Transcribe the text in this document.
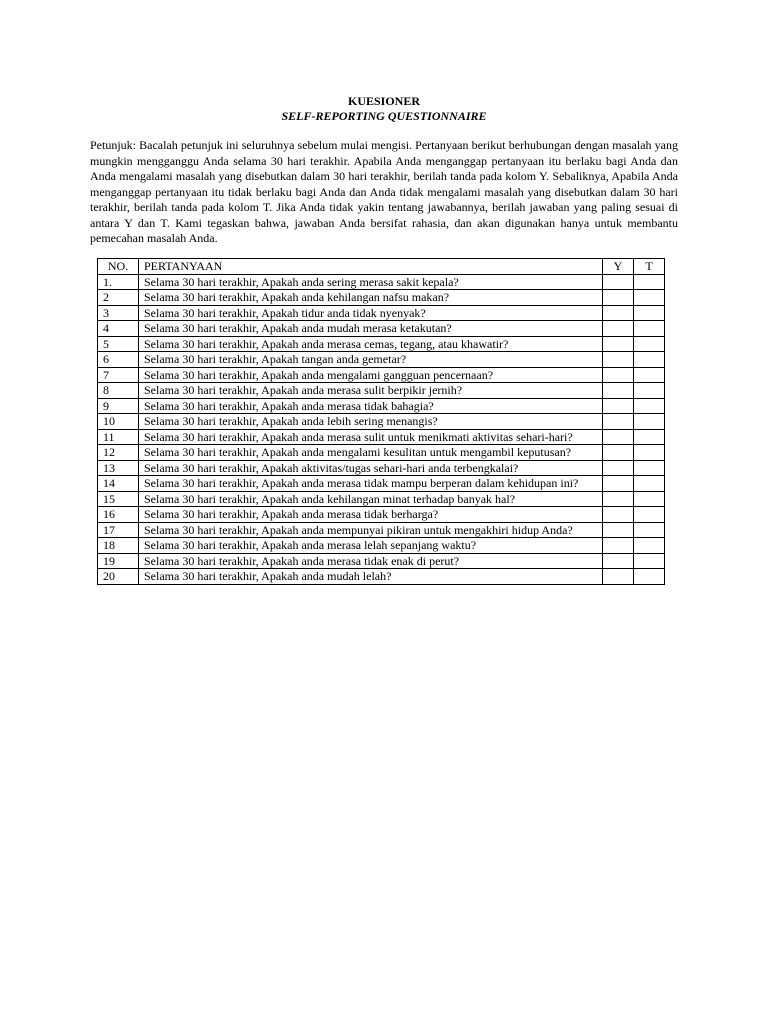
KUESIONER
SELF-REPORTING QUESTIONNAIRE
Petunjuk: Bacalah petunjuk ini seluruhnya sebelum mulai mengisi. Pertanyaan berikut berhubungan dengan masalah yang mungkin mengganggu Anda selama 30 hari terakhir. Apabila Anda menganggap pertanyaan itu berlaku bagi Anda dan Anda mengalami masalah yang disebutkan dalam 30 hari terakhir, berilah tanda pada kolom Y. Sebaliknya, Apabila Anda menganggap pertanyaan itu tidak berlaku bagi Anda dan Anda tidak mengalami masalah yang disebutkan dalam 30 hari terakhir, berilah tanda pada kolom T. Jika Anda tidak yakin tentang jawabannya, berilah jawaban yang paling sesuai di antara Y dan T. Kami tegaskan bahwa, jawaban Anda bersifat rahasia, dan akan digunakan hanya untuk membantu pemecahan masalah Anda.
NO.	PERTANYAAN	Y	T
1.	Selama 30 hari terakhir, Apakah anda sering merasa sakit kepala?		
2	Selama 30 hari terakhir, Apakah anda kehilangan nafsu makan?		
3	Selama 30 hari terakhir, Apakah tidur anda tidak nyenyak?		
4	Selama 30 hari terakhir, Apakah anda mudah merasa ketakutan?		
5	Selama 30 hari terakhir, Apakah anda merasa cemas, tegang, atau khawatir?		
6	Selama 30 hari terakhir, Apakah tangan anda gemetar?		
7	Selama 30 hari terakhir, Apakah anda mengalami gangguan pencernaan?		
8	Selama 30 hari terakhir, Apakah anda merasa sulit berpikir jernih?		
9	Selama 30 hari terakhir, Apakah anda merasa tidak bahagia?		
10	Selama 30 hari terakhir, Apakah anda lebih sering menangis?		
11	Selama 30 hari terakhir, Apakah anda merasa sulit untuk menikmati aktivitas sehari-hari?		
12	Selama 30 hari terakhir, Apakah anda mengalami kesulitan untuk mengambil keputusan?		
13	Selama 30 hari terakhir, Apakah aktivitas/tugas sehari-hari anda terbengkalai?		
14	Selama 30 hari terakhir, Apakah anda merasa tidak mampu berperan dalam kehidupan ini?		
15	Selama 30 hari terakhir, Apakah anda kehilangan minat terhadap banyak hal?		
16	Selama 30 hari terakhir, Apakah anda merasa tidak berharga?		
17	Selama 30 hari terakhir, Apakah anda mempunyai pikiran untuk mengakhiri hidup Anda?		
18	Selama 30 hari terakhir, Apakah anda merasa lelah sepanjang waktu?		
19	Selama 30 hari terakhir, Apakah anda merasa tidak enak di perut?		
20	Selama 30 hari terakhir, Apakah anda mudah lelah?		
